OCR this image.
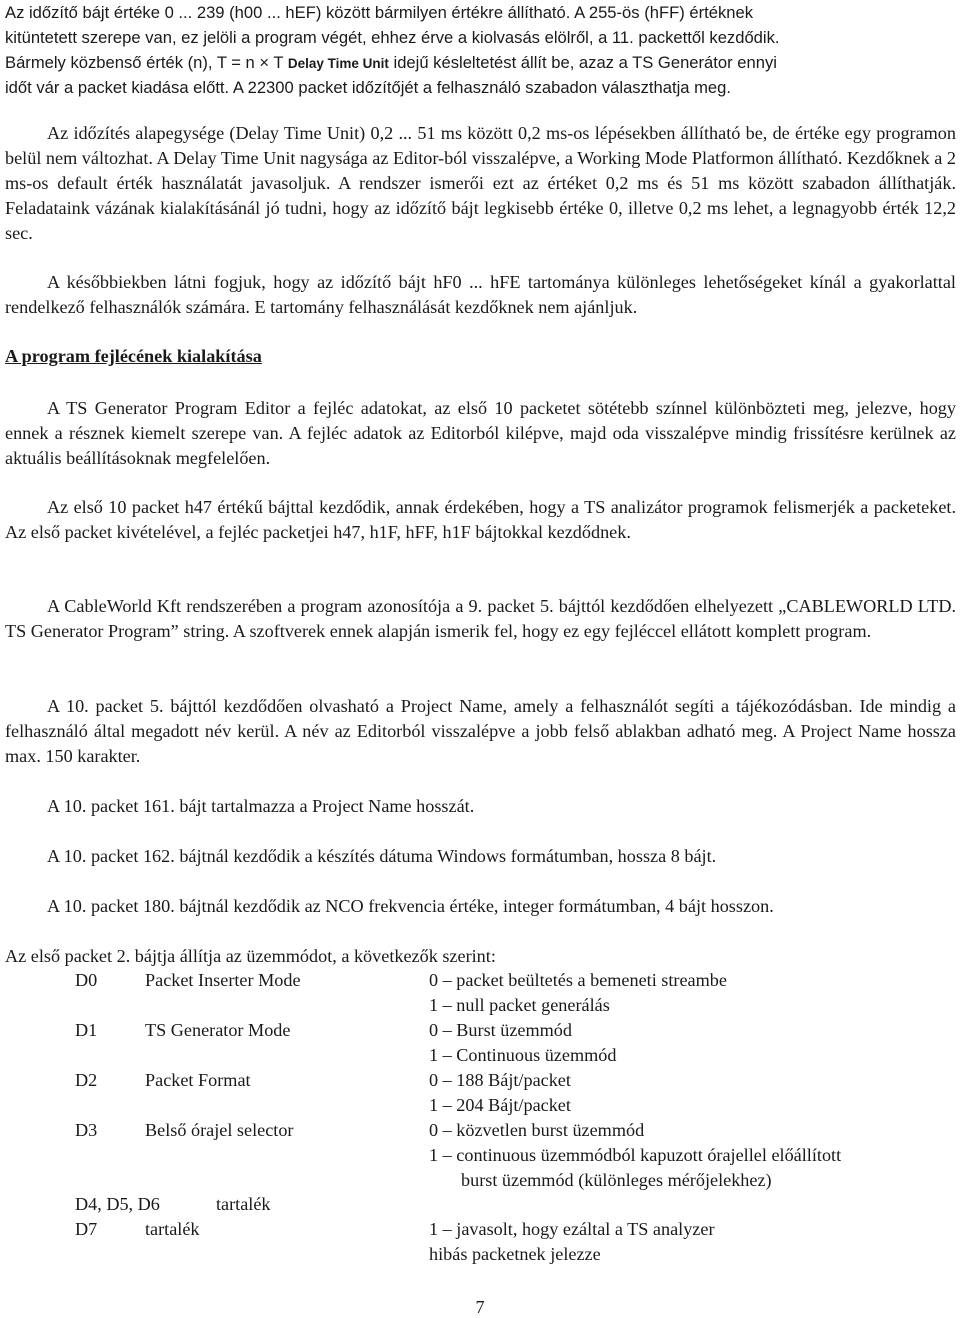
Az időzítő bájt értéke 0 ... 239 (h00 ... hEF) között bármilyen értékre állítható. A 255-ös (hFF) értéknek
kitüntetett szerepe van, ez jelöli a program végét, ehhez érve a kiolvasás elölről, a 11. packettől kezdődik.
Bármely közbenső érték (n), T = n × T Delay Time Unit idejű késleltetést állít be, azaz a TS Generátor ennyi
időt vár a packet kiadása előtt. A 22300 packet időzítőjét a felhasználó szabadon választhatja meg.

Az időzítés alapegysége (Delay Time Unit) 0,2 ... 51 ms között 0,2 ms-os lépésekben állítható be, de értéke egy programon belül nem változhat. A Delay Time Unit nagysága az Editor-ból visszalépve, a Working Mode Platformon állítható. Kezdőknek a 2 ms-os default érték használatát javasoljuk. A rendszer ismerői ezt az értéket 0,2 ms és 51 ms között szabadon állíthatják. Feladataink vázának kialakításánál jó tudni, hogy az időzítő bájt legkisebb értéke 0, illetve 0,2 ms lehet, a legnagyobb érték 12,2 sec.

A későbbiekben látni fogjuk, hogy az időzítő bájt hF0 ... hFE tartománya különleges lehetőségeket kínál a gyakorlattal rendelkező felhasználók számára. E tartomány felhasználását kezdőknek nem ajánljuk.

A program fejlécének kialakítása

A TS Generator Program Editor a fejléc adatokat, az első 10 packetet sötétebb színnel különbözteti meg, jelezve, hogy ennek a résznek kiemelt szerepe van. A fejléc adatok az Editorból kilépve, majd oda visszalépve mindig frissítésre kerülnek az aktuális beállításoknak megfelelően.

Az első 10 packet h47 értékű bájttal kezdődik, annak érdekében, hogy a TS analizátor programok felismerjék a packeteket. Az első packet kivételével, a fejléc packetjei h47, h1F, hFF, h1F bájtokkal kezdődnek.

A CableWorld Kft rendszerében a program azonosítója a 9. packet 5. bájttól kezdődően elhelyezett „CABLEWORLD LTD. TS Generator Program” string. A szoftverek ennek alapján ismerik fel, hogy ez egy fejléccel ellátott komplett program.

A 10. packet 5. bájttól kezdődően olvasható a Project Name, amely a felhasználót segíti a tájékozódásban. Ide mindig a felhasználó által megadott név kerül. A név az Editorból visszalépve a jobb felső ablakban adható meg. A Project Name hossza max. 150 karakter.

A 10. packet 161. bájt tartalmazza a Project Name hosszát.

A 10. packet 162. bájtnál kezdődik a készítés dátuma Windows formátumban, hossza 8 bájt.

A 10. packet 180. bájtnál kezdődik az NCO frekvencia értéke, integer formátumban, 4 bájt hosszon.

Az első packet 2. bájtja állítja az üzemmódot, a következők szerint:
D0	Packet Inserter Mode	0 – packet beültetés a bemeneti streambe
1 – null packet generálás
D1	TS Generator Mode	0 – Burst üzemmód
1 – Continuous üzemmód
D2	Packet Format	0 – 188 Bájt/packet
1 – 204 Bájt/packet
D3	Belső órajel selector	0 – közvetlen burst üzemmód
1 – continuous üzemmódból kapuzott órajellel előállított
burst üzemmód (különleges mérőjelekhez)
D4, D5, D6	tartalék
D7	tartalék	1 – javasolt, hogy ezáltal a TS analyzer
hibás packetnek jelezze
7
